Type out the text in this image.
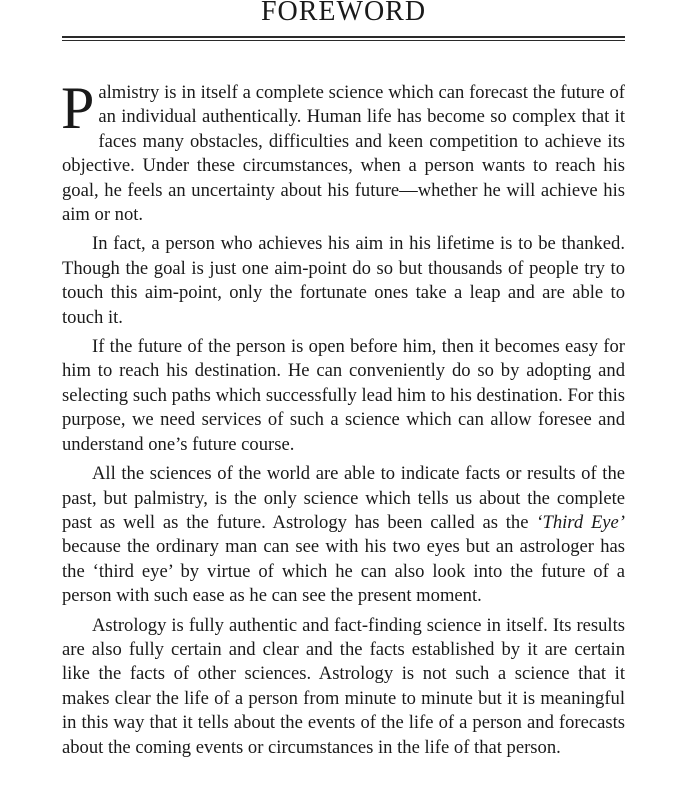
FOREWORD

Palmistry is in itself a complete science which can forecast the future of an individual authentically. Human life has become so complex that it faces many obstacles, difficulties and keen competition to achieve its objective. Under these circumstances, when a person wants to reach his goal, he feels an uncertainty about his future—whether he will achieve his aim or not.

In fact, a person who achieves his aim in his lifetime is to be thanked. Though the goal is just one aim-point do so but thousands of people try to touch this aim-point, only the fortunate ones take a leap and are able to touch it.

If the future of the person is open before him, then it becomes easy for him to reach his destination. He can conveniently do so by adopting and selecting such paths which successfully lead him to his destination. For this purpose, we need services of such a science which can allow foresee and understand one’s future course.

All the sciences of the world are able to indicate facts or results of the past, but palmistry, is the only science which tells us about the complete past as well as the future. Astrology has been called as the ‘Third Eye’ because the ordinary man can see with his two eyes but an astrologer has the ‘third eye’ by virtue of which he can also look into the future of a person with such ease as he can see the present moment.

Astrology is fully authentic and fact-finding science in itself. Its results are also fully certain and clear and the facts established by it are certain like the facts of other sciences. Astrology is not such a science that it makes clear the life of a person from minute to minute but it is meaningful in this way that it tells about the events of the life of a person and forecasts about the coming events or circumstances in the life of that person.
